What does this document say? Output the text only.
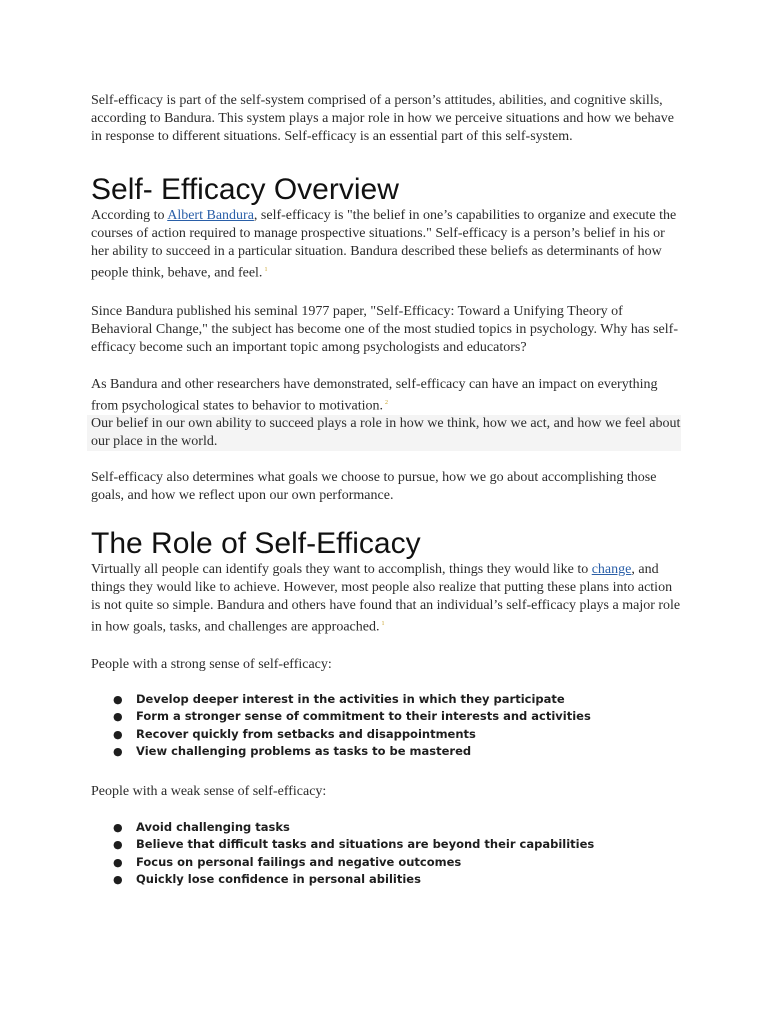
Self-efficacy is part of the self-system comprised of a person’s attitudes, abilities, and cognitive skills, according to Bandura. This system plays a major role in how we perceive situations and how we behave in response to different situations. Self-efficacy is an essential part of this self-system.

Self- Efficacy Overview

According to Albert Bandura, self-efficacy is "the belief in one’s capabilities to organize and execute the courses of action required to manage prospective situations." Self-efficacy is a person’s belief in his or her ability to succeed in a particular situation. Bandura described these beliefs as determinants of how people think, behave, and feel. $^1$

Since Bandura published his seminal 1977 paper, "Self-Efficacy: Toward a Unifying Theory of Behavioral Change," the subject has become one of the most studied topics in psychology. Why has self-efficacy become such an important topic among psychologists and educators?

As Bandura and other researchers have demonstrated, self-efficacy can have an impact on everything from psychological states to behavior to motivation. $^2$

Our belief in our own ability to succeed plays a role in how we think, how we act, and how we feel about our place in the world.

Self-efficacy also determines what goals we choose to pursue, how we go about accomplishing those goals, and how we reflect upon our own performance.

The Role of Self-Efficacy

Virtually all people can identify goals they want to accomplish, things they would like to change, and things they would like to achieve. However, most people also realize that putting these plans into action is not quite so simple. Bandura and others have found that an individual’s self-efficacy plays a major role in how goals, tasks, and challenges are approached. $^1$

People with a strong sense of self-efficacy:

● Develop deeper interest in the activities in which they participate
● Form a stronger sense of commitment to their interests and activities
● Recover quickly from setbacks and disappointments
● View challenging problems as tasks to be mastered

People with a weak sense of self-efficacy:

● Avoid challenging tasks
● Believe that difficult tasks and situations are beyond their capabilities
● Focus on personal failings and negative outcomes
● Quickly lose confidence in personal abilities
